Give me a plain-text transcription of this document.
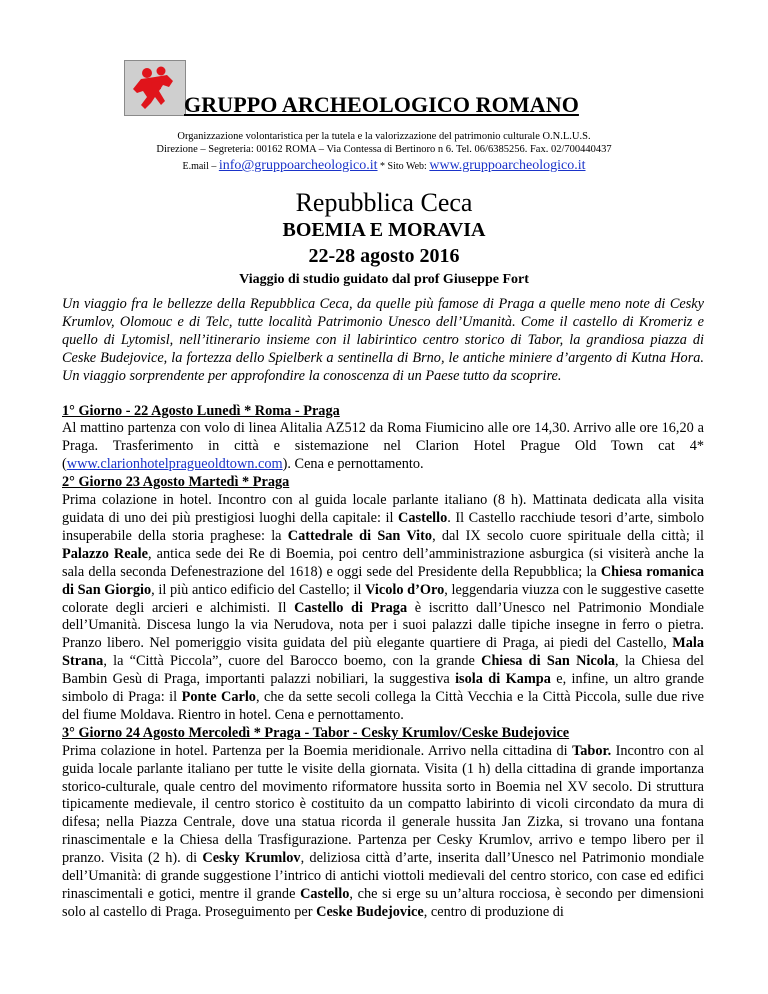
GRUPPO ARCHEOLOGICO ROMANO
Organizzazione volontaristica per la tutela e la valorizzazione del patrimonio culturale O.N.L.U.S.
Direzione – Segreteria: 00162 ROMA – Via Contessa di Bertinoro n 6. Tel. 06/6385256. Fax. 02/700440437
E.mail – info@gruppoarcheologico.it * Sito Web: www.gruppoarcheologico.it
Repubblica Ceca
BOEMIA E MORAVIA
22-28 agosto 2016
Viaggio di studio guidato dal prof Giuseppe Fort

Un viaggio fra le bellezze della Repubblica Ceca, da quelle più famose di Praga a quelle meno note di Cesky Krumlov, Olomouc e di Telc, tutte località Patrimonio Unesco dell’Umanità. Come il castello di Kromeriz e quello di Lytomisl, nell’itinerario insieme con il labirintico centro storico di Tabor, la grandiosa piazza di Ceske Budejovice, la fortezza dello Spielberk a sentinella di Brno, le antiche miniere d’argento di Kutna Hora. Un viaggio sorprendente per approfondire la conoscenza di un Paese tutto da scoprire.

1° Giorno - 22 Agosto Lunedì * Roma - Praga

Al mattino partenza con volo di linea Alitalia AZ512 da Roma Fiumicino alle ore 14,30. Arrivo alle ore 16,20 a Praga. Trasferimento in città e sistemazione nel Clarion Hotel Prague Old Town cat 4* (www.clarionhotelpragueoldtown.com). Cena e pernottamento.

2° Giorno 23 Agosto Martedì * Praga

Prima colazione in hotel. Incontro con al guida locale parlante italiano (8 h). Mattinata dedicata alla visita guidata di uno dei più prestigiosi luoghi della capitale: il Castello. Il Castello racchiude tesori d’arte, simbolo insuperabile della storia praghese: la Cattedrale di San Vito, dal IX secolo cuore spirituale della città; il Palazzo Reale, antica sede dei Re di Boemia, poi centro dell’amministrazione asburgica (si visiterà anche la sala della seconda Defenestrazione del 1618) e oggi sede del Presidente della Repubblica; la Chiesa romanica di San Giorgio, il più antico edificio del Castello; il Vicolo d’Oro, leggendaria viuzza con le suggestive casette colorate degli arcieri e alchimisti. Il Castello di Praga è iscritto dall’Unesco nel Patrimonio Mondiale dell’Umanità. Discesa lungo la via Nerudova, nota per i suoi palazzi dalle tipiche insegne in ferro o pietra. Pranzo libero. Nel pomeriggio visita guidata del più elegante quartiere di Praga, ai piedi del Castello, Mala Strana, la “Città Piccola”, cuore del Barocco boemo, con la grande Chiesa di San Nicola, la Chiesa del Bambin Gesù di Praga, importanti palazzi nobiliari, la suggestiva isola di Kampa e, infine, un altro grande simbolo di Praga: il Ponte Carlo, che da sette secoli collega la Città Vecchia e la Città Piccola, sulle due rive del fiume Moldava. Rientro in hotel. Cena e pernottamento.

3° Giorno 24 Agosto Mercoledì * Praga - Tabor - Cesky Krumlov/Ceske Budejovice

Prima colazione in hotel. Partenza per la Boemia meridionale. Arrivo nella cittadina di Tabor. Incontro con al guida locale parlante italiano per tutte le visite della giornata. Visita (1 h) della cittadina di grande importanza storico-culturale, quale centro del movimento riformatore hussita sorto in Boemia nel XV secolo. Di struttura tipicamente medievale, il centro storico è costituito da un compatto labirinto di vicoli circondato da mura di difesa; nella Piazza Centrale, dove una statua ricorda il generale hussita Jan Zizka, si trovano una fontana rinascimentale e la Chiesa della Trasfigurazione. Partenza per Cesky Krumlov, arrivo e tempo libero per il pranzo. Visita (2 h). di Cesky Krumlov, deliziosa città d’arte, inserita dall’Unesco nel Patrimonio mondiale dell’Umanità: di grande suggestione l’intrico di antichi viottoli medievali del centro storico, con case ed edifici rinascimentali e gotici, mentre il grande Castello, che si erge su un’altura rocciosa, è secondo per dimensioni solo al castello di Praga. Proseguimento per Ceske Budejovice, centro di produzione di
